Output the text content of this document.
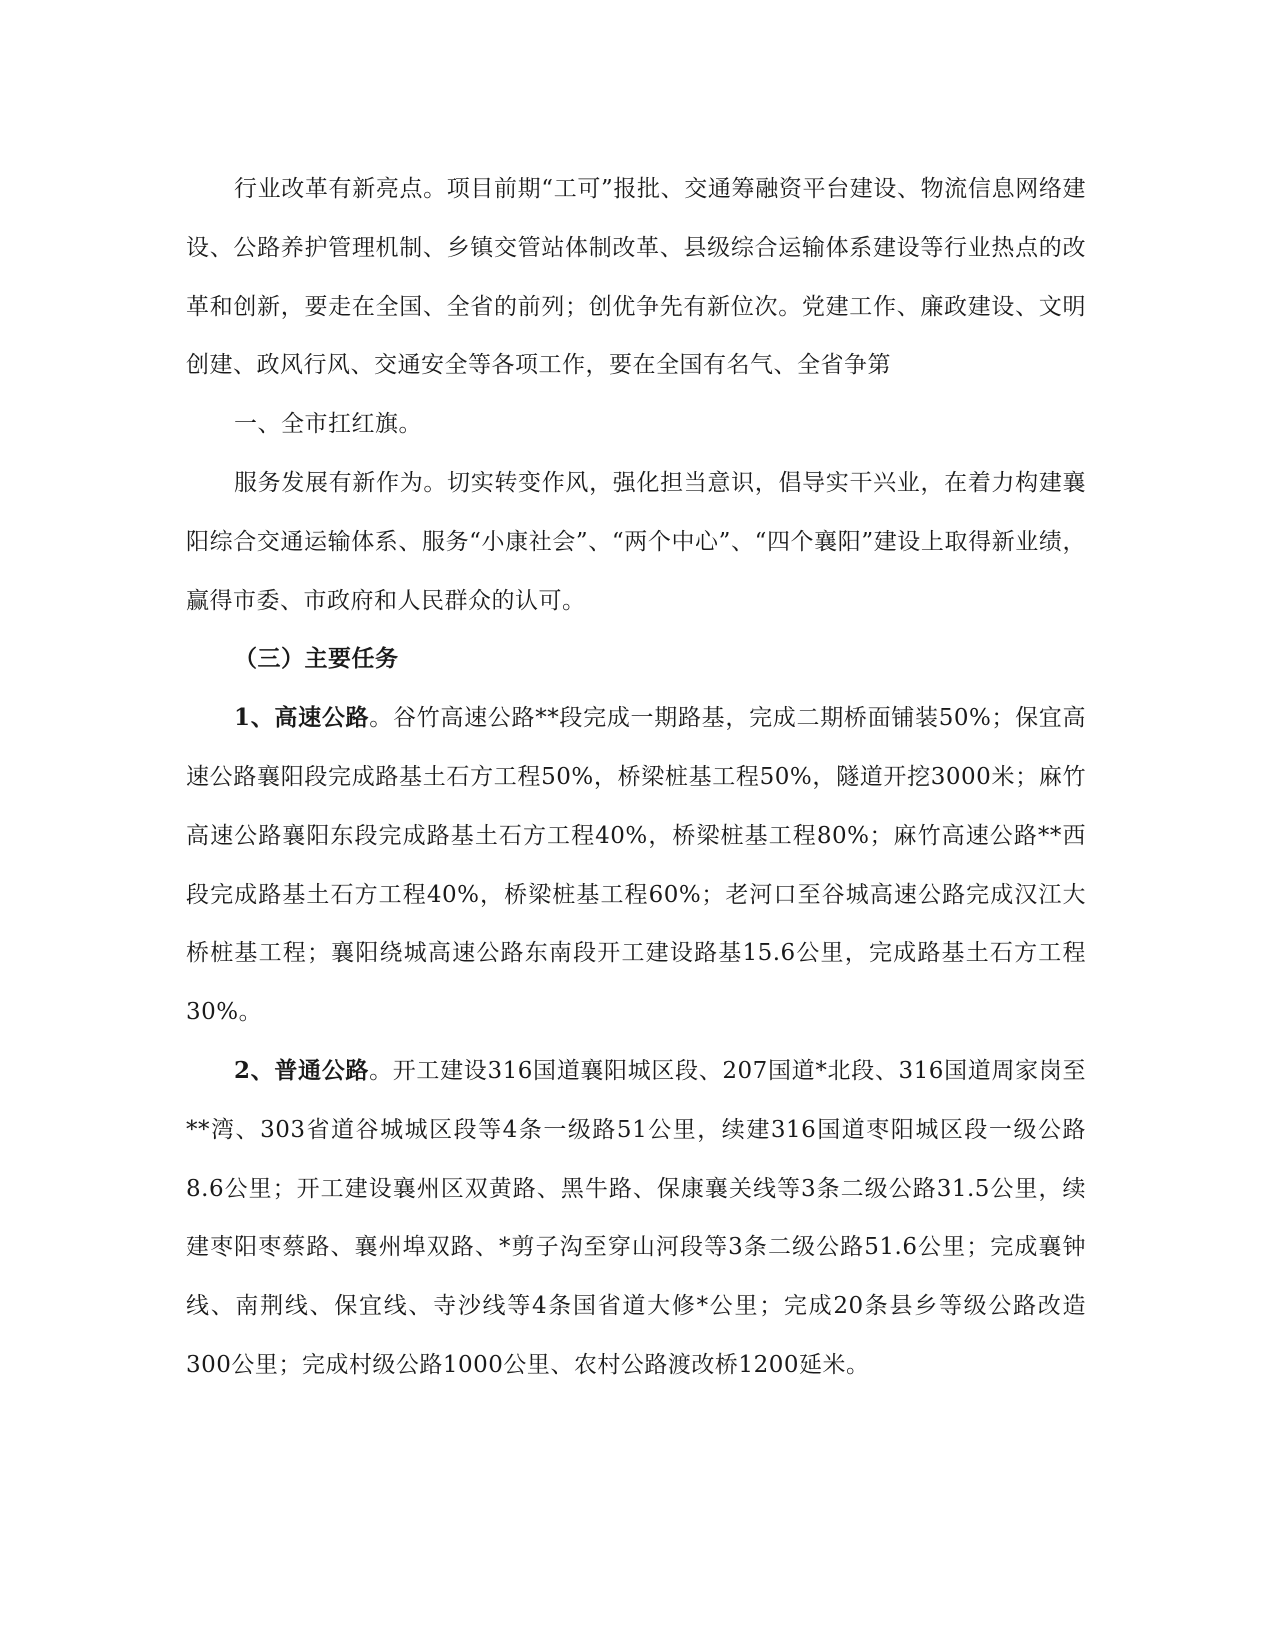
行业改革有新亮点。项目前期“工可”报批、交通筹融资平台建设、物流信息网络建设、公路养护管理机制、乡镇交管站体制改革、县级综合运输体系建设等行业热点的改革和创新，要走在全国、全省的前列；创优争先有新位次。党建工作、廉政建设、文明创建、政风行风、交通安全等各项工作，要在全国有名气、全省争第

一、全市扛红旗。

服务发展有新作为。切实转变作风，强化担当意识，倡导实干兴业，在着力构建襄阳综合交通运输体系、服务“小康社会”、“两个中心”、“四个襄阳”建设上取得新业绩，赢得市委、市政府和人民群众的认可。

（三）主要任务

1、高速公路。谷竹高速公路**段完成一期路基，完成二期桥面铺装50%；保宜高速公路襄阳段完成路基土石方工程50%，桥梁桩基工程50%，隧道开挖3000米；麻竹高速公路襄阳东段完成路基土石方工程40%，桥梁桩基工程80%；麻竹高速公路**西段完成路基土石方工程40%，桥梁桩基工程60%；老河口至谷城高速公路完成汉江大桥桩基工程；襄阳绕城高速公路东南段开工建设路基15.6公里，完成路基土石方工程30%。

2、普通公路。开工建设316国道襄阳城区段、207国道*北段、316国道周家岗至**湾、303省道谷城城区段等4条一级路51公里，续建316国道枣阳城区段一级公路8.6公里；开工建设襄州区双黄路、黑牛路、保康襄关线等3条二级公路31.5公里，续建枣阳枣蔡路、襄州埠双路、*剪子沟至穿山河段等3条二级公路51.6公里；完成襄钟线、南荆线、保宜线、寺沙线等4条国省道大修*公里；完成20条县乡等级公路改造300公里；完成村级公路1000公里、农村公路渡改桥1200延米。
